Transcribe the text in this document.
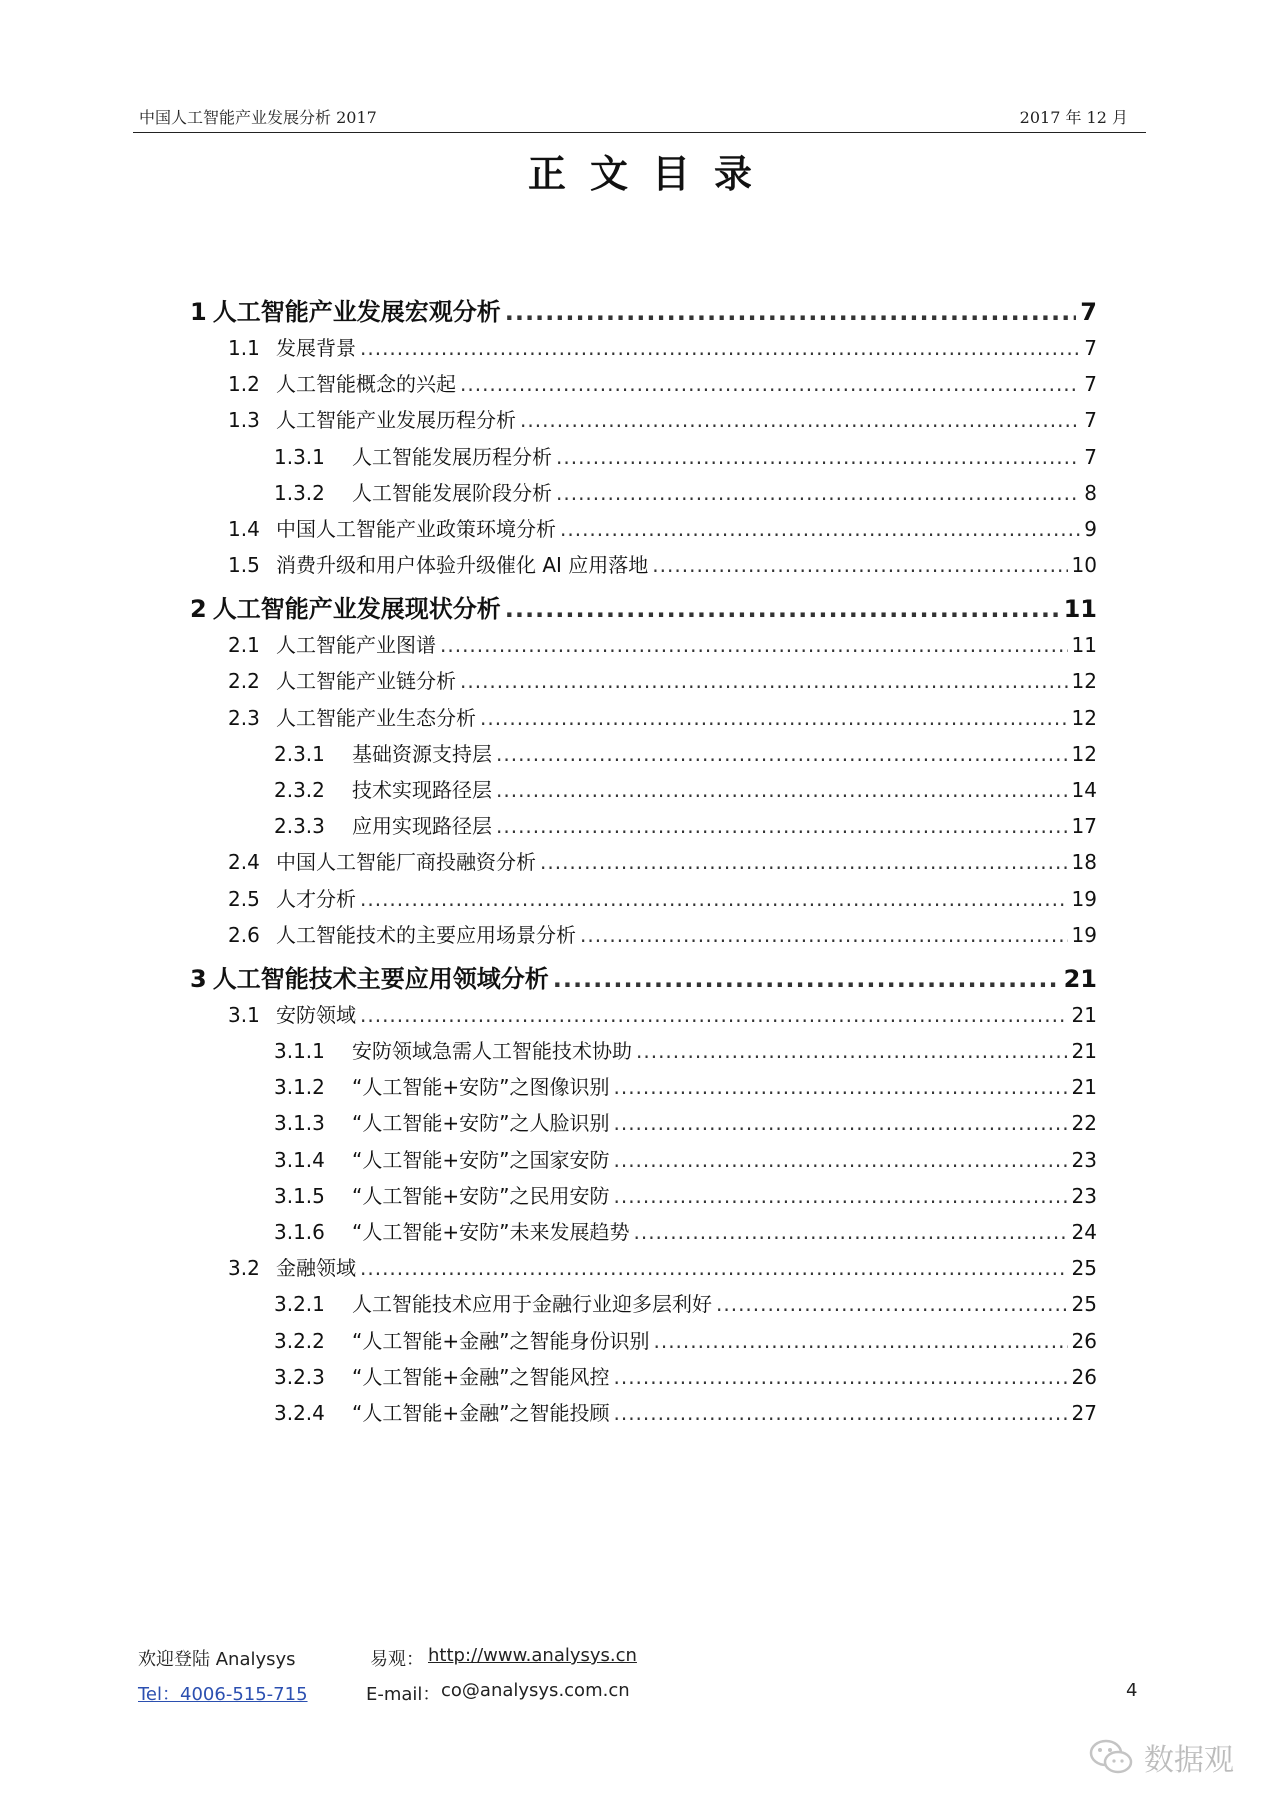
中国人工智能产业发展分析 2017	2017 年 12 月
正文目录
1 人工智能产业发展宏观分析 .....	7
1.1 发展背景 .....	7
1.2 人工智能概念的兴起 .....	7
1.3 人工智能产业发展历程分析 .....	7
1.3.1	人工智能发展历程分析 .....	7
1.3.2	人工智能发展阶段分析 .....	8
1.4 中国人工智能产业政策环境分析 .....	9
1.5 消费升级和用户体验升级催化 AI 应用落地 .....	10
2 人工智能产业发展现状分析 .....	11
2.1 人工智能产业图谱 .....	11
2.2 人工智能产业链分析 .....	12
2.3 人工智能产业生态分析 .....	12
2.3.1	基础资源支持层 .....	12
2.3.2	技术实现路径层 .....	14
2.3.3	应用实现路径层 .....	17
2.4 中国人工智能厂商投融资分析 .....	18
2.5 人才分析 .....	19
2.6 人工智能技术的主要应用场景分析 .....	19
3 人工智能技术主要应用领域分析 .....	21
3.1 安防领域 .....	21
3.1.1	安防领域急需人工智能技术协助 .....	21
3.1.2	“人工智能+安防”之图像识别 .....	21
3.1.3	“人工智能+安防”之人脸识别 .....	22
3.1.4	“人工智能+安防”之国家安防 .....	23
3.1.5	“人工智能+安防”之民用安防 .....	23
3.1.6	“人工智能+安防”未来发展趋势 .....	24
3.2 金融领域 .....	25
3.2.1	人工智能技术应用于金融行业迎多层利好 .....	25
3.2.2	“人工智能+金融”之智能身份识别 .....	26
3.2.3	“人工智能+金融”之智能风控 .....	26
3.2.4	“人工智能+金融”之智能投顾 .....	27
欢迎登陆 Analysys
Tel：4006-515-715
易观： http://www.analysys.cn
E-mail： co@analysys.com.cn	4
数据观
